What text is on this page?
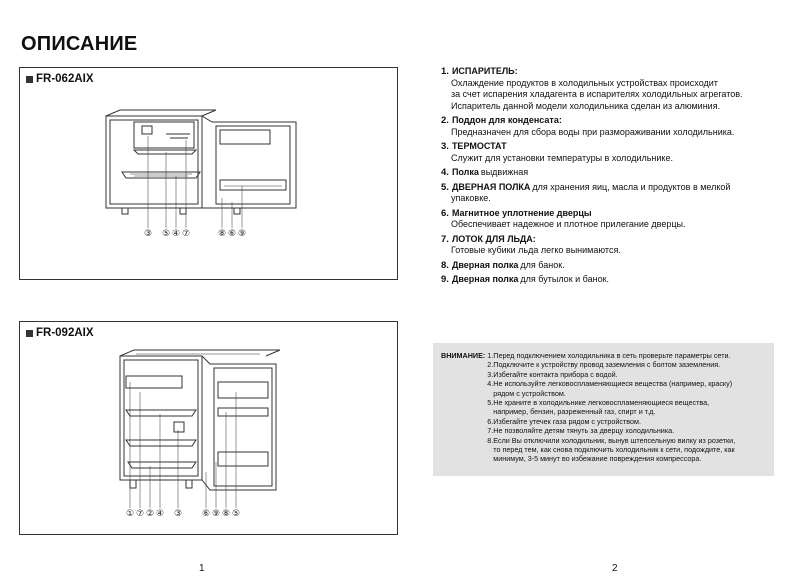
ОПИСАНИЕ
FR-062AIX
③ ⑤ ④ ⑦	⑧ ⑥ ⑨
FR-092AIX
① ⑦ ② ④ ③ ⑥ ⑨ ⑧ ⑤
1. ИСПАРИТЕЛЬ:
Охлаждение продуктов в холодильных устройствах происходит
за счет испарения хладагента в испарителях холодильных агрегатов.
Испаритель данной модели холодильника сделан из алюминия.
2. Поддон для конденсата:
Предназначен для сбора воды при размораживании холодильника.
3. ТЕРМОСТАТ
Служит для установки температуры в холодильнике.
4. Полка выдвижная
5. ДВЕРНАЯ ПОЛКА для хранения яиц, масла и продуктов в мелкой
упаковке.
6. Магнитное уплотнение дверцы
Обеспечивает надежное и плотное прилегание дверцы.
7. ЛОТОК ДЛЯ ЛЬДА:
Готовые кубики льда легко вынимаются.
8. Дверная полка для банок.
9. Дверная полка для бутылок и банок.
ВНИМАНИЕ: 1.Перед подключением холодильника в сеть проверьте параметры сети.
2.Подключите к устройству провод заземления с болтом заземления.
3.Избегайте контакта прибора с водой.
4.Не используйте легковоспламеняющиеся вещества (например, краску)
рядом с устройством.
5.Не храните в холодильнике легковоспламеняющиеся вещества,
например, бензин, разреженный газ, спирт и т.д.
6.Избегайте утечек газа рядом с устройством.
7.Не позволяйте детям тянуть за дверцу холодильника.
8.Если Вы отключили холодильник, вынув штепсельную вилку из розетки,
то перед тем, как снова подключить холодильник к сети, подождите, как
минимум, 3-5 минут во избежание повреждения компрессора.
1	2
